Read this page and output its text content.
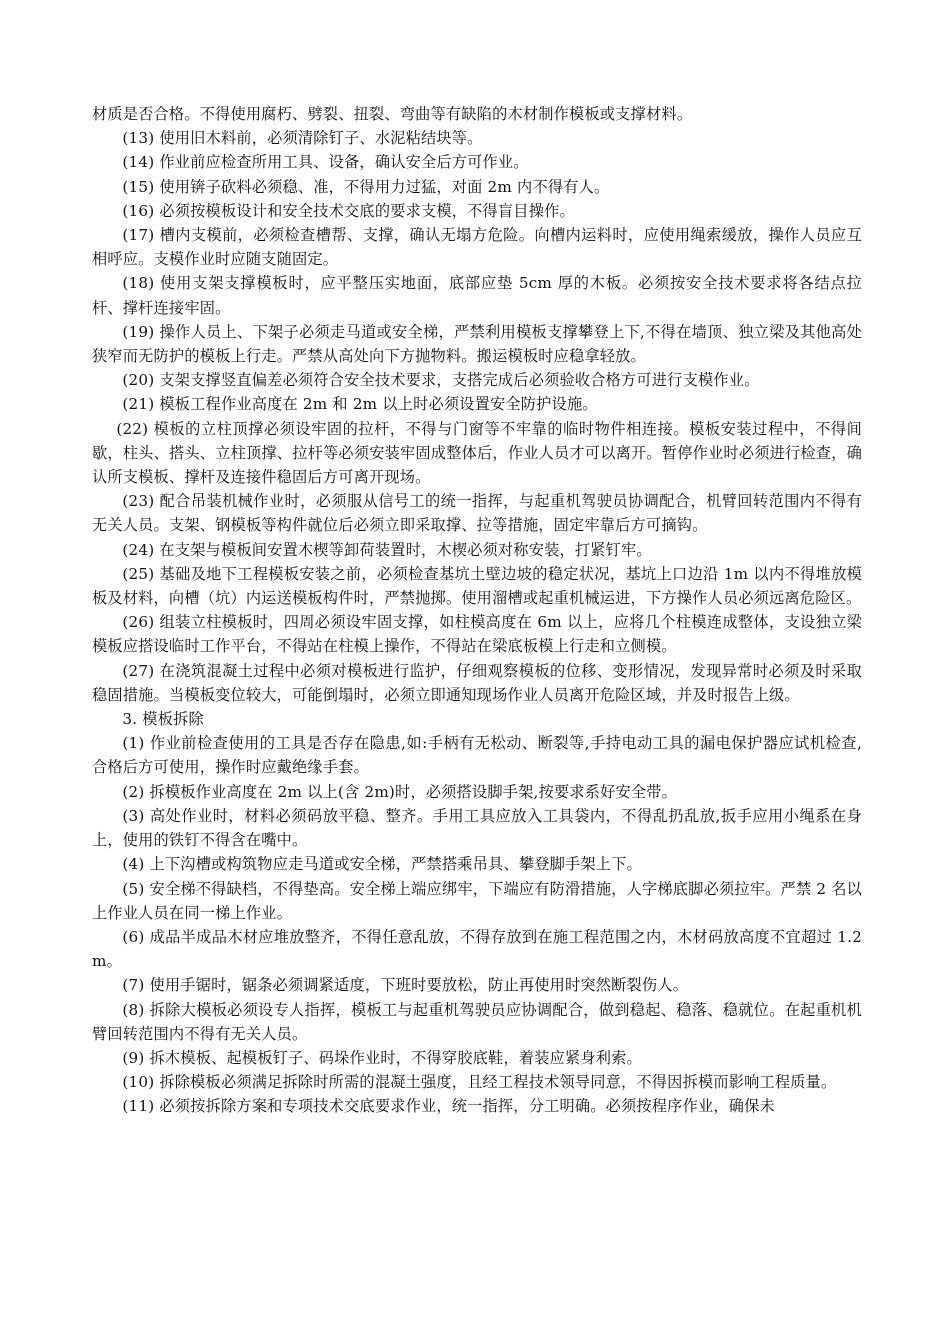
材质是否合格。不得使用腐朽、劈裂、扭裂、弯曲等有缺陷的木材制作模板或支撑材料。

(13) 使用旧木料前，必须清除钉子、水泥粘结块等。

(14) 作业前应检查所用工具、设备，确认安全后方可作业。

(15) 使用锛子砍料必须稳、准，不得用力过猛，对面 2m 内不得有人。

(16) 必须按模板设计和安全技术交底的要求支模，不得盲目操作。

(17) 槽内支模前，必须检查槽帮、支撑，确认无塌方危险。向槽内运料时，应使用绳索缓放，操作人员应互相呼应。支模作业时应随支随固定。

(18) 使用支架支撑模板时，应平整压实地面，底部应垫 5cm 厚的木板。必须按安全技术要求将各结点拉杆、撑杆连接牢固。

(19) 操作人员上、下架子必须走马道或安全梯，严禁利用模板支撑攀登上下,不得在墙顶、独立梁及其他高处狭窄而无防护的模板上行走。严禁从高处向下方抛物料。搬运模板时应稳拿轻放。

(20) 支架支撑竖直偏差必须符合安全技术要求，支搭完成后必须验收合格方可进行支模作业。

(21) 模板工程作业高度在 2m 和 2m 以上时必须设置安全防护设施。

(22) 模板的立柱顶撑必须设牢固的拉杆，不得与门窗等不牢靠的临时物件相连接。模板安装过程中，不得间歇，柱头、搭头、立柱顶撑、拉杆等必须安装牢固成整体后，作业人员才可以离开。暂停作业时必须进行检查，确认所支模板、撑杆及连接件稳固后方可离开现场。

(23) 配合吊装机械作业时，必须服从信号工的统一指挥，与起重机驾驶员协调配合，机臂回转范围内不得有无关人员。支架、钢模板等构件就位后必须立即采取撑、拉等措施，固定牢靠后方可摘钩。

(24) 在支架与模板间安置木楔等卸荷装置时，木楔必须对称安装，打紧钉牢。

(25) 基础及地下工程模板安装之前，必须检查基坑土壁边坡的稳定状况，基坑上口边沿 1m 以内不得堆放模板及材料，向槽（坑）内运送模板构件时，严禁抛掷。使用溜槽或起重机械运进，下方操作人员必须远离危险区。

(26) 组装立柱模板时，四周必须设牢固支撑，如柱模高度在 6m 以上，应将几个柱模连成整体，支设独立梁模板应搭设临时工作平台，不得站在柱模上操作，不得站在梁底板模上行走和立侧模。

(27) 在浇筑混凝土过程中必须对模板进行监护，仔细观察模板的位移、变形情况，发现异常时必须及时采取稳固措施。当模板变位较大，可能倒塌时，必须立即通知现场作业人员离开危险区域，并及时报告上级。

3. 模板拆除

(1) 作业前检查使用的工具是否存在隐患,如:手柄有无松动、断裂等,手持电动工具的漏电保护器应试机检查,合格后方可使用，操作时应戴绝缘手套。

(2) 拆模板作业高度在 2m 以上(含 2m)时，必须搭设脚手架,按要求系好安全带。

(3) 高处作业时，材料必须码放平稳、整齐。手用工具应放入工具袋内，不得乱扔乱放,扳手应用小绳系在身上，使用的铁钉不得含在嘴中。

(4) 上下沟槽或构筑物应走马道或安全梯，严禁搭乘吊具、攀登脚手架上下。

(5) 安全梯不得缺档，不得垫高。安全梯上端应绑牢，下端应有防滑措施，人字梯底脚必须拉牢。严禁 2 名以上作业人员在同一梯上作业。

(6) 成品半成品木材应堆放整齐，不得任意乱放，不得存放到在施工程范围之内，木材码放高度不宜超过 1.2m。

(7) 使用手锯时，锯条必须调紧适度，下班时要放松，防止再使用时突然断裂伤人。

(8) 拆除大模板必须设专人指挥，模板工与起重机驾驶员应协调配合，做到稳起、稳落、稳就位。在起重机机臂回转范围内不得有无关人员。

(9) 拆木模板、起模板钉子、码垛作业时，不得穿胶底鞋，着装应紧身利索。

(10) 拆除模板必须满足拆除时所需的混凝土强度，且经工程技术领导同意，不得因拆模而影响工程质量。

(11) 必须按拆除方案和专项技术交底要求作业，统一指挥，分工明确。必须按程序作业，确保未
